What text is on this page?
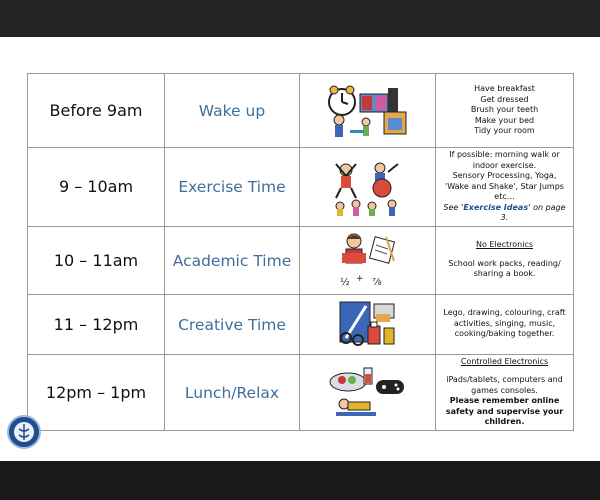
Before 9am	Wake up		Have breakfast
Get dressed
Brush your teeth
Make your bed
Tidy your room

9 – 10am	Exercise Time		If possible: morning walk or indoor exercise.
Sensory Processing, Yoga, 'Wake and Shake', Star Jumps etc…
See 'Exercise Ideas' on page 3.

10 – 11am	Academic Time	½ + ⅞	No Electronics
School work packs, reading/ sharing a book.

11 – 12pm	Creative Time		Lego, drawing, colouring, craft activities, singing, music, cooking/baking together.

12pm – 1pm	Lunch/Relax		Controlled Electronics
iPads/tablets, computers and games consoles.
Please remember online safety and supervise your children.
